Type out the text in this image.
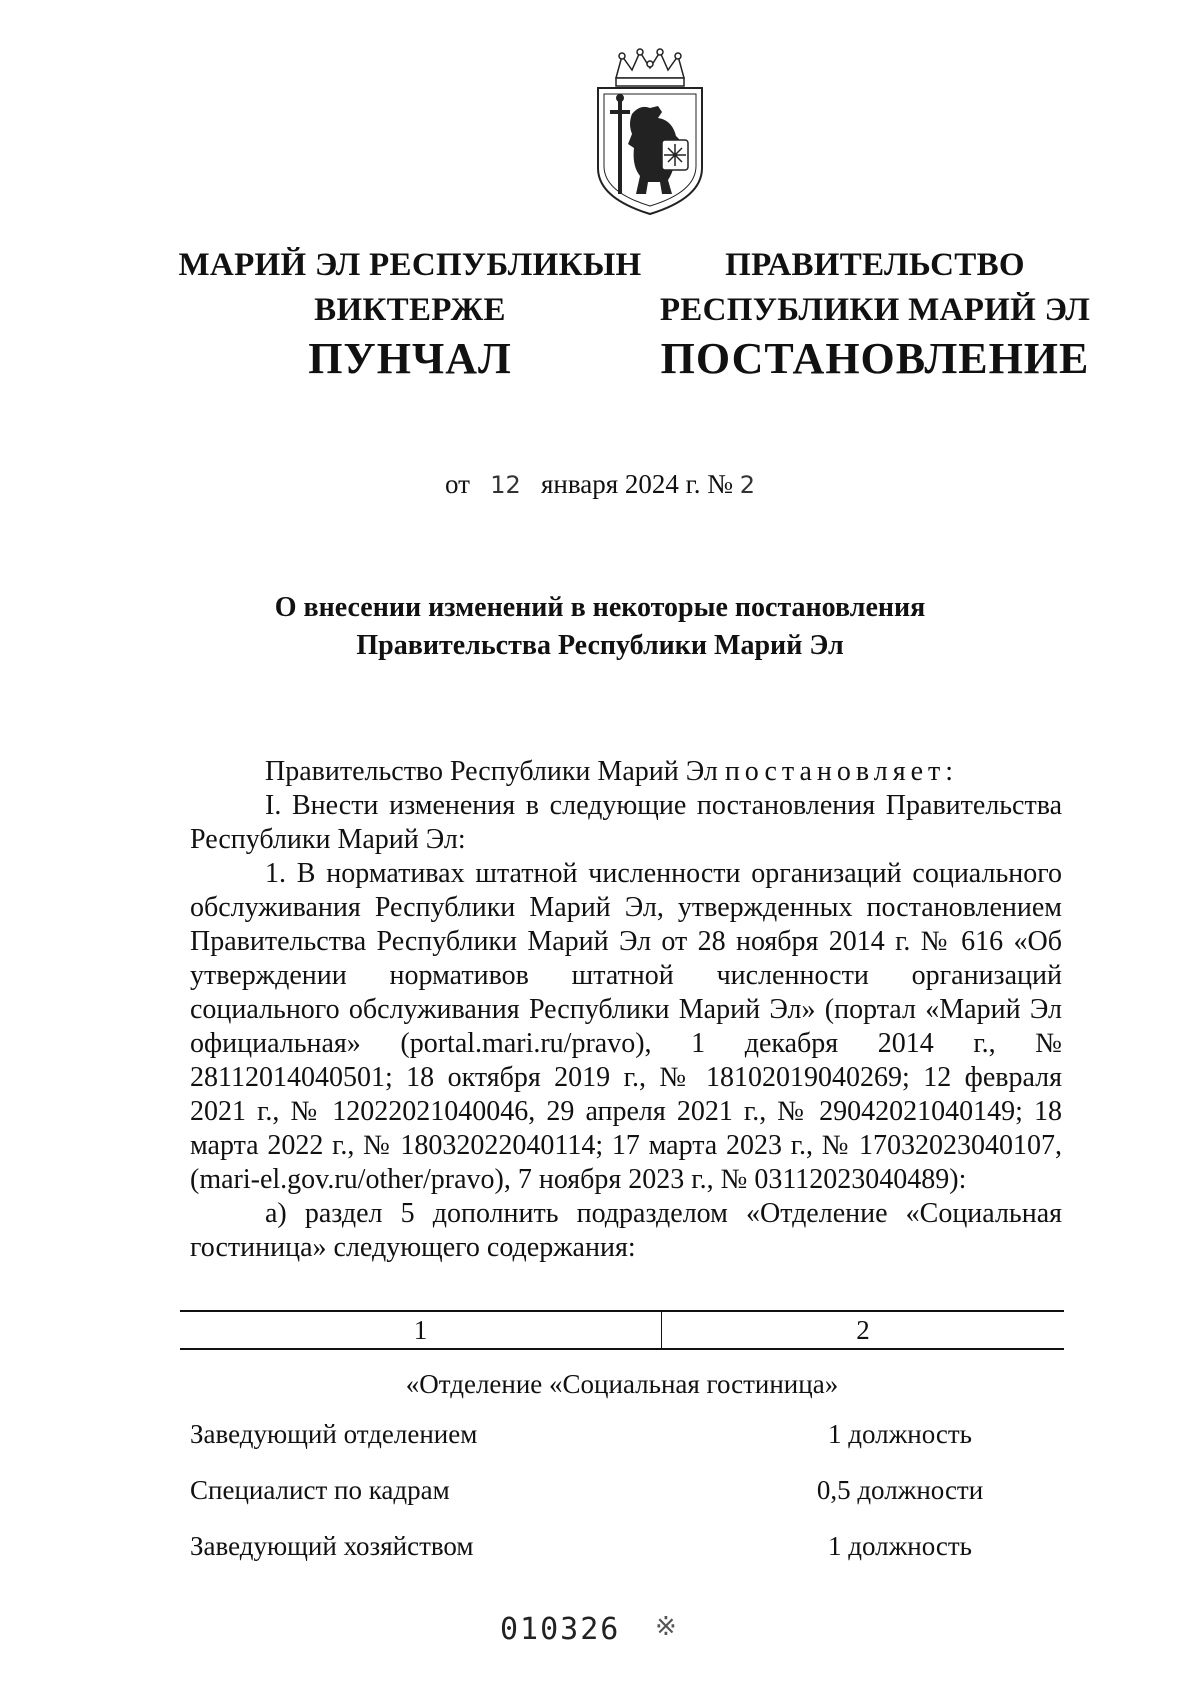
МАРИЙ ЭЛ РЕСПУБЛИКЫН
ВИКТЕРЖЕ
ПУНЧАЛ
ПРАВИТЕЛЬСТВО
РЕСПУБЛИКИ МАРИЙ ЭЛ
ПОСТАНОВЛЕНИЕ
от 12 января 2024 г. № 2
О внесении изменений в некоторые постановления
Правительства Республики Марий Эл

Правительство Республики Марий Эл постановляет:

I. Внести изменения в следующие постановления Правительства Республики Марий Эл:

1. В нормативах штатной численности организаций социального обслуживания Республики Марий Эл, утвержденных постановлением Правительства Республики Марий Эл от 28 ноября 2014 г. № 616 «Об утверждении нормативов штатной численности организаций социального обслуживания Республики Марий Эл» (портал «Марий Эл официальная» (portal.mari.ru/pravo), 1 декабря 2014 г., № 28112014040501; 18 октября 2019 г., № 18102019040269; 12 февраля 2021 г., № 12022021040046, 29 апреля 2021 г., № 29042021040149; 18 марта 2022 г., № 18032022040114; 17 марта 2023 г., № 17032023040107, (mari-el.gov.ru/other/pravo), 7 ноября 2023 г., № 03112023040489):

а) раздел 5 дополнить подразделом «Отделение «Социальная гостиница» следующего содержания:

1	2
«Отделение «Социальная гостиница»
Заведующий отделением	1 должность
Специалист по кадрам	0,5 должности
Заведующий хозяйством	1 должность
010326 ※
